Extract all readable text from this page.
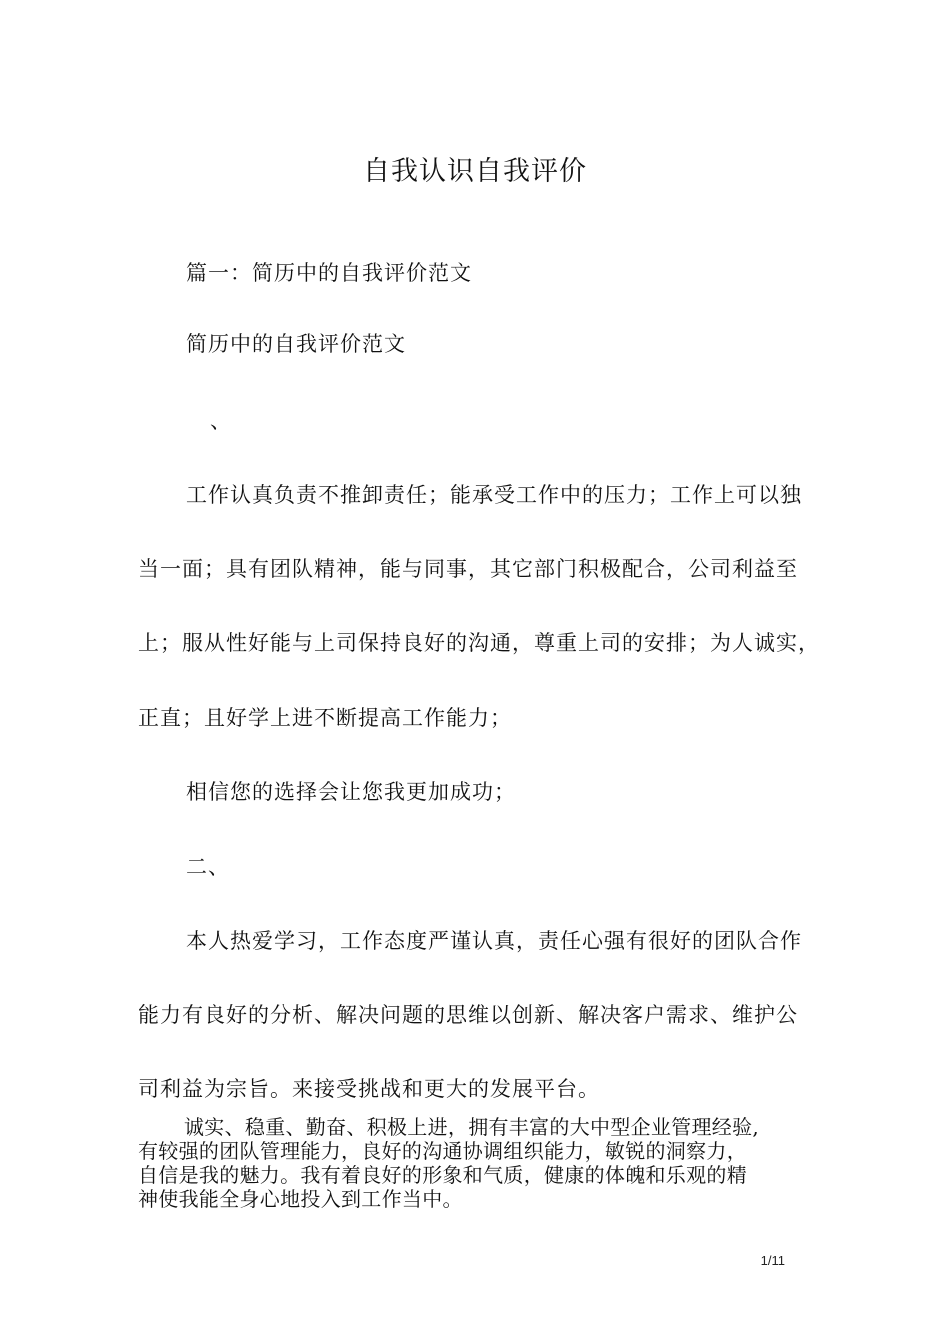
自我认识自我评价
篇一：简历中的自我评价范文
简历中的自我评价范文
、
工作认真负责不推卸责任；能承受工作中的压力；工作上可以独
当一面；具有团队精神，能与同事，其它部门积极配合，公司利益至
上；服从性好能与上司保持良好的沟通，尊重上司的安排；为人诚实，
正直；且好学上进不断提高工作能力；
相信您的选择会让您我更加成功；
二、
本人热爱学习，工作态度严谨认真，责任心强有很好的团队合作
能力有良好的分析、解决问题的思维以创新、解决客户需求、维护公
司利益为宗旨。来接受挑战和更大的发展平台。
诚实、稳重、勤奋、积极上进，拥有丰富的大中型企业管理经验,
有较强的团队管理能力，良好的沟通协调组织能力，敏锐的洞察力，
自信是我的魅力。我有着良好的形象和气质，健康的体魄和乐观的精
神使我能全身心地投入到工作当中。
1/11
